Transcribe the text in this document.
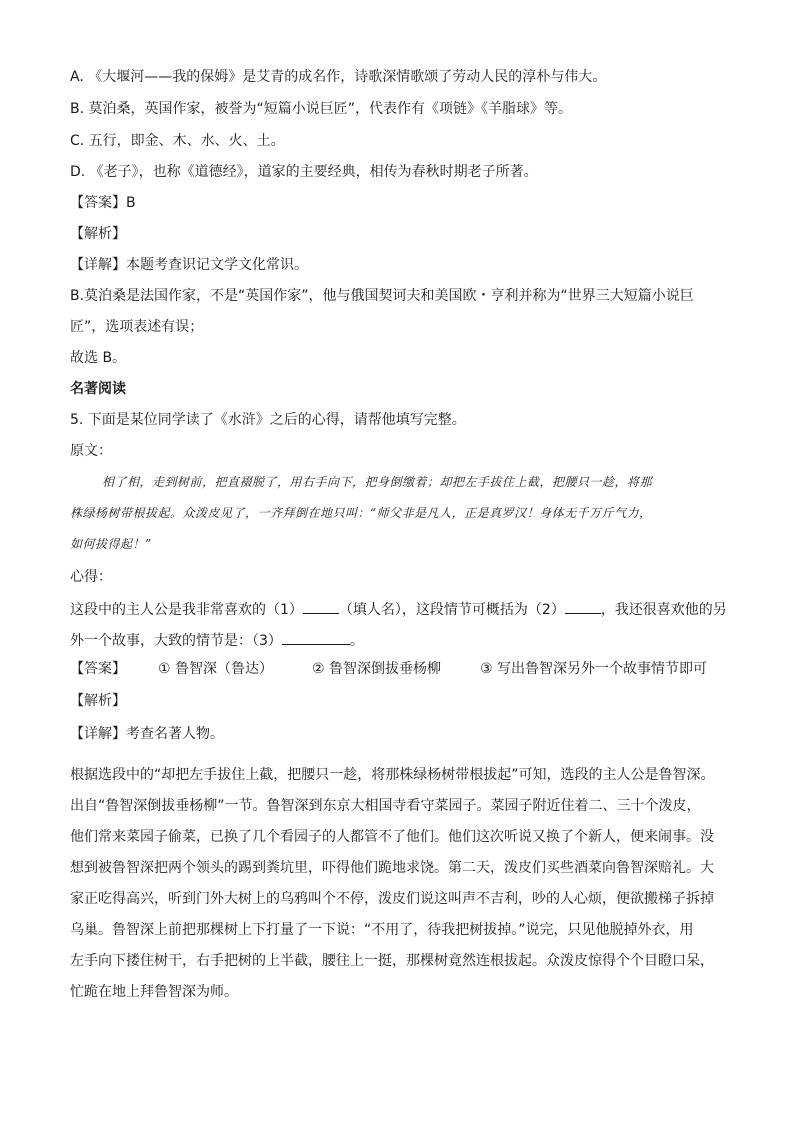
A. 《大堰河——我的保姆》是艾青的成名作，诗歌深情歌颂了劳动人民的淳朴与伟大。
B. 莫泊桑，英国作家，被誉为“短篇小说巨匠”，代表作有《项链》《羊脂球》等。
C. 五行，即金、木、水、火、土。
D. 《老子》，也称《道德经》，道家的主要经典，相传为春秋时期老子所著。
【答案】B
【解析】
【详解】本题考查识记文学文化常识。
B.莫泊桑是法国作家，不是“英国作家”，他与俄国契诃夫和美国欧・亨利并称为“世界三大短篇小说巨
匠”，选项表述有误；
故选 B。
名著阅读
5. 下面是某位同学读了《水浒》之后的心得，请帮他填写完整。
原文：
相了相，走到树前，把直裰脱了，用右手向下，把身倒缴着；却把左手拔住上截，把腰只一趁，将那
株绿杨树带根拔起。众泼皮见了，一齐拜倒在地只叫：“师父非是凡人，正是真罗汉！身体无千万斤气力，
如何拔得起！”
心得：
这段中的主人公是我非常喜欢的（1）	（填人名），这段情节可概括为（2）	，我还很喜欢他的另
外一个故事，大致的情节是：（3）	。
【答案】 ① 鲁智深（鲁达）	② 鲁智深倒拔垂杨柳	③ 写出鲁智深另外一个故事情节即可
【解析】
【详解】考查名著人物。
根据选段中的“却把左手拔住上截，把腰只一趁，将那株绿杨树带根拔起”可知，选段的主人公是鲁智深。
出自“鲁智深倒拔垂杨柳”一节。鲁智深到东京大相国寺看守菜园子。菜园子附近住着二、三十个泼皮，
他们常来菜园子偷菜，已换了几个看园子的人都管不了他们。他们这次听说又换了个新人，便来闹事。没
想到被鲁智深把两个领头的踢到粪坑里，吓得他们跪地求饶。第二天，泼皮们买些酒菜向鲁智深赔礼。大
家正吃得高兴，听到门外大树上的乌鸦叫个不停，泼皮们说这叫声不吉利，吵的人心烦，便欲搬梯子拆掉
乌巢。鲁智深上前把那棵树上下打量了一下说：“不用了，待我把树拔掉。”说完，只见他脱掉外衣，用
左手向下搂住树干，右手把树的上半截，腰往上一挺，那棵树竟然连根拔起。众泼皮惊得个个目瞪口呆，
忙跪在地上拜鲁智深为师。
